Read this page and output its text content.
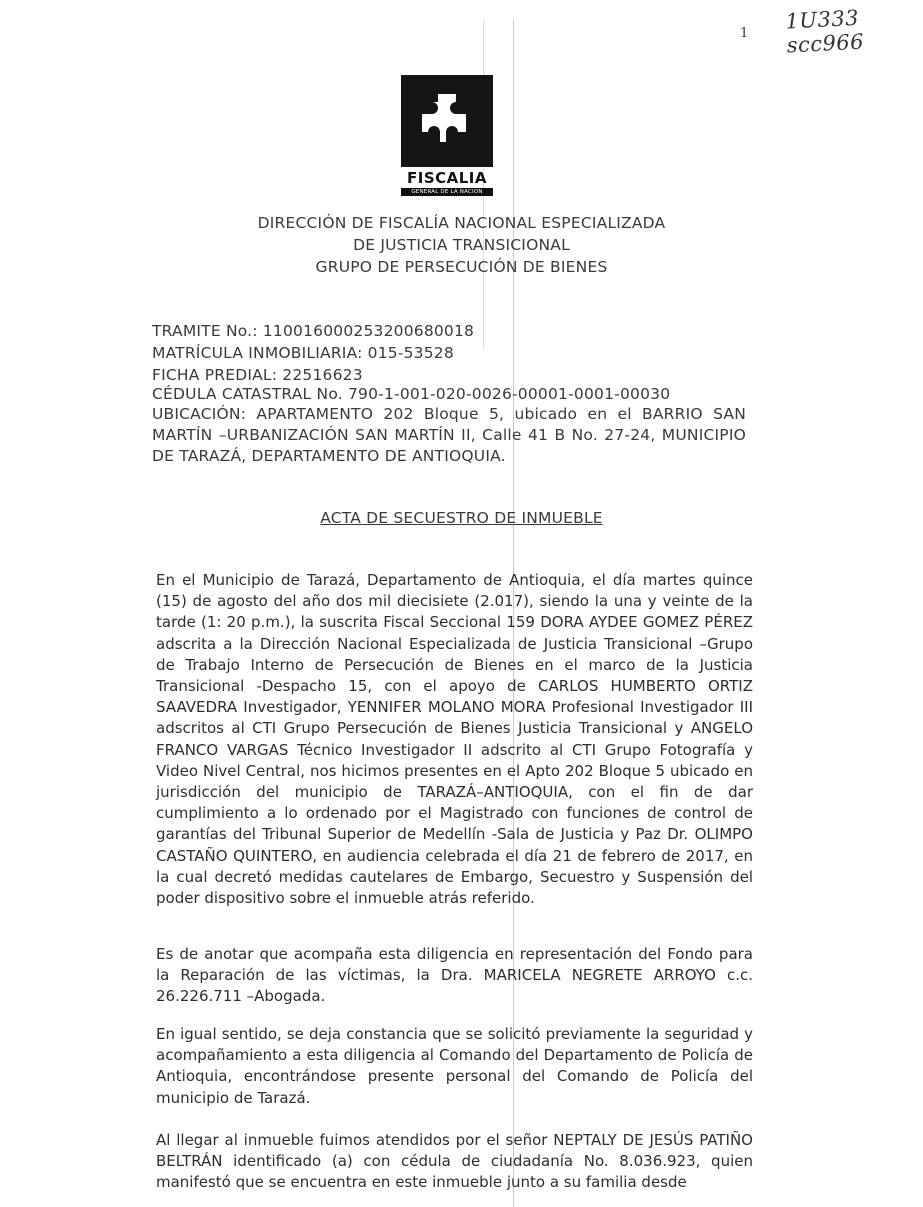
1U333 scc966
1
FISCALIA
GENERAL DE LA NACION
DIRECCIÓN DE FISCALÍA NACIONAL ESPECIALIZADA
DE JUSTICIA TRANSICIONAL
GRUPO DE PERSECUCIÓN DE BIENES
TRAMITE No.: 110016000253200680018
MATRÍCULA INMOBILIARIA: 015-53528
FICHA PREDIAL: 22516623
CÉDULA CATASTRAL No. 790-1-001-020-0026-00001-0001-00030
UBICACIÓN: APARTAMENTO 202 Bloque 5, ubicado en el BARRIO SAN MARTÍN –URBANIZACIÓN SAN MARTÍN II, Calle 41 B No. 27-24, MUNICIPIO DE TARAZÁ, DEPARTAMENTO DE ANTIOQUIA.
ACTA DE SECUESTRO DE INMUEBLE
En el Municipio de Tarazá, Departamento de Antioquia, el día martes quince (15) de agosto del año dos mil diecisiete (2.017), siendo la una y veinte de la tarde (1: 20 p.m.), la suscrita Fiscal Seccional 159 DORA AYDEE GOMEZ PÉREZ adscrita a la Dirección Nacional Especializada de Justicia Transicional –Grupo de Trabajo Interno de Persecución de Bienes en el marco de la Justicia Transicional -Despacho 15, con el apoyo de CARLOS HUMBERTO ORTIZ SAAVEDRA Investigador, YENNIFER MOLANO MORA Profesional Investigador III adscritos al CTI Grupo Persecución de Bienes Justicia Transicional y ANGELO FRANCO VARGAS Técnico Investigador II adscrito al CTI Grupo Fotografía y Video Nivel Central, nos hicimos presentes en el Apto 202 Bloque 5 ubicado en jurisdicción del municipio de TARAZÁ–ANTIOQUIA, con el fin de dar cumplimiento a lo ordenado por el Magistrado con funciones de control de garantías del Tribunal Superior de Medellín -Sala de Justicia y Paz Dr. OLIMPO CASTAÑO QUINTERO, en audiencia celebrada el día 21 de febrero de 2017, en la cual decretó medidas cautelares de Embargo, Secuestro y Suspensión del poder dispositivo sobre el inmueble atrás referido.
Es de anotar que acompaña esta diligencia en representación del Fondo para la Reparación de las víctimas, la Dra. MARICELA NEGRETE ARROYO c.c. 26.226.711 –Abogada.
En igual sentido, se deja constancia que se solicitó previamente la seguridad y acompañamiento a esta diligencia al Comando del Departamento de Policía de Antioquia, encontrándose presente personal del Comando de Policía del municipio de Tarazá.
Al llegar al inmueble fuimos atendidos por el señor NEPTALY DE JESÚS PATIÑO BELTRÁN identificado (a) con cédula de ciudadanía No. 8.036.923, quien manifestó que se encuentra en este inmueble junto a su familia desde
